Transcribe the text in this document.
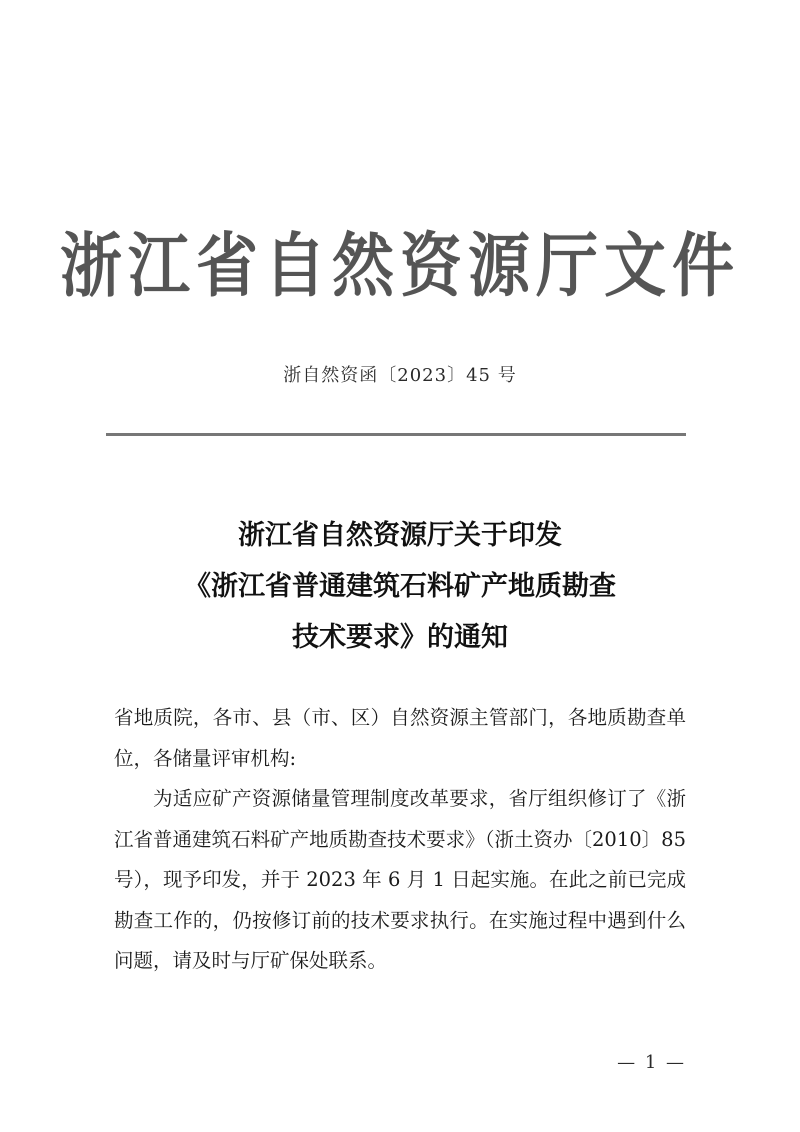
浙江省自然资源厅文件
浙自然资函〔2023〕45 号
浙江省自然资源厅关于印发
《浙江省普通建筑石料矿产地质勘查
技术要求》的通知

省地质院，各市、县（市、区）自然资源主管部门，各地质勘查单位，各储量评审机构:

为适应矿产资源储量管理制度改革要求，省厅组织修订了《浙江省普通建筑石料矿产地质勘查技术要求》（浙土资办〔2010〕85 号），现予印发，并于 2023 年 6 月 1 日起实施。在此之前已完成勘查工作的，仍按修订前的技术要求执行。在实施过程中遇到什么问题，请及时与厅矿保处联系。

— 1 —
